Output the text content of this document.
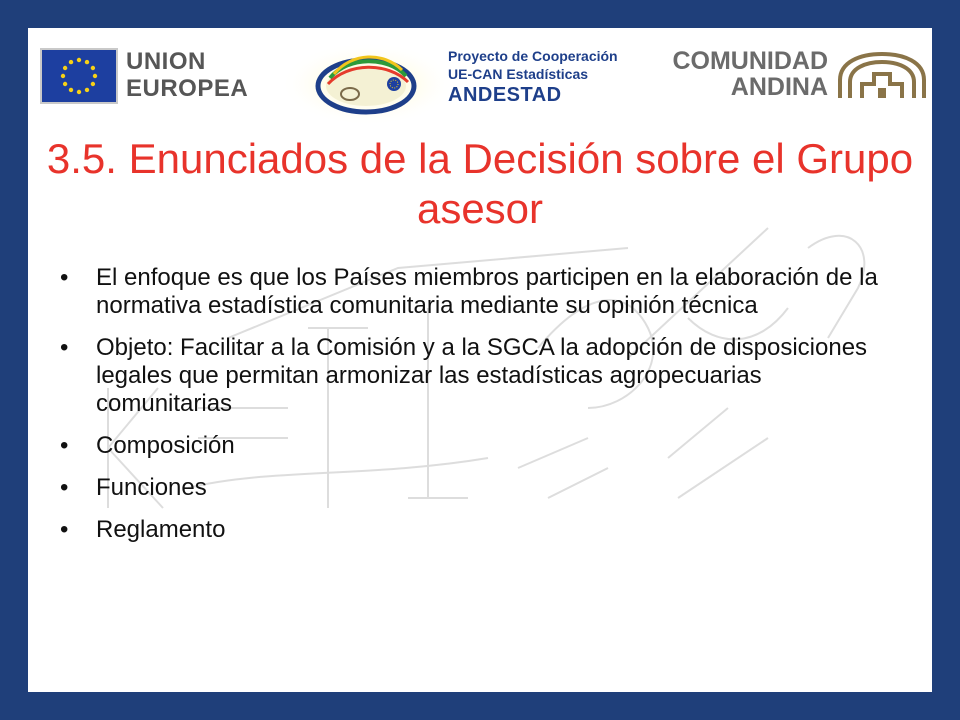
UNION
EUROPEA
Proyecto de Cooperación
UE-CAN Estadísticas
ANDESTAD
COMUNIDAD
ANDINA
3.5. Enunciados de la Decisión sobre el Grupo asesor
• El enfoque es que los Países miembros participen en la elaboración de la normativa estadística comunitaria mediante su opinión técnica
• Objeto: Facilitar a la Comisión y a la SGCA la adopción de disposiciones legales que permitan armonizar las estadísticas agropecuarias comunitarias
• Composición
• Funciones
• Reglamento
